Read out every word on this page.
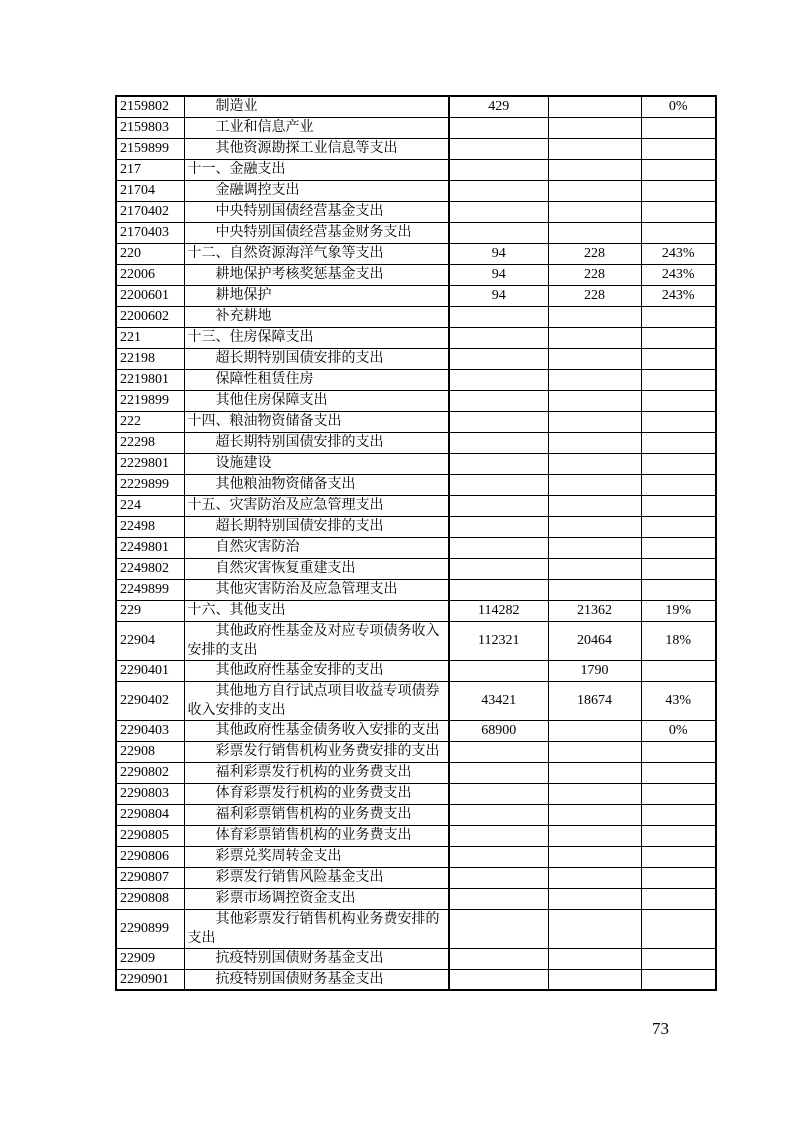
2159802	制造业	429		0%
2159803	工业和信息产业			
2159899	其他资源勘探工业信息等支出			
217	十一、金融支出			
21704	金融调控支出			
2170402	中央特别国债经营基金支出			
2170403	中央特别国债经营基金财务支出			
220	十二、自然资源海洋气象等支出	94	228	243%
22006	耕地保护考核奖惩基金支出	94	228	243%
2200601	耕地保护	94	228	243%
2200602	补充耕地			
221	十三、住房保障支出			
22198	超长期特别国债安排的支出			
2219801	保障性租赁住房			
2219899	其他住房保障支出			
222	十四、粮油物资储备支出			
22298	超长期特别国债安排的支出			
2229801	设施建设			
2229899	其他粮油物资储备支出			
224	十五、灾害防治及应急管理支出			
22498	超长期特别国债安排的支出			
2249801	自然灾害防治			
2249802	自然灾害恢复重建支出			
2249899	其他灾害防治及应急管理支出			
229	十六、其他支出	114282	21362	19%
22904	其他政府性基金及对应专项债务收入安排的支出	112321	20464	18%
2290401	其他政府性基金安排的支出		1790	
2290402	其他地方自行试点项目收益专项债券收入安排的支出	43421	18674	43%
2290403	其他政府性基金债务收入安排的支出	68900		0%
22908	彩票发行销售机构业务费安排的支出			
2290802	福利彩票发行机构的业务费支出			
2290803	体育彩票发行机构的业务费支出			
2290804	福利彩票销售机构的业务费支出			
2290805	体育彩票销售机构的业务费支出			
2290806	彩票兑奖周转金支出			
2290807	彩票发行销售风险基金支出			
2290808	彩票市场调控资金支出			
2290899	其他彩票发行销售机构业务费安排的支出			
22909	抗疫特别国债财务基金支出			
2290901	抗疫特别国债财务基金支出			
73
